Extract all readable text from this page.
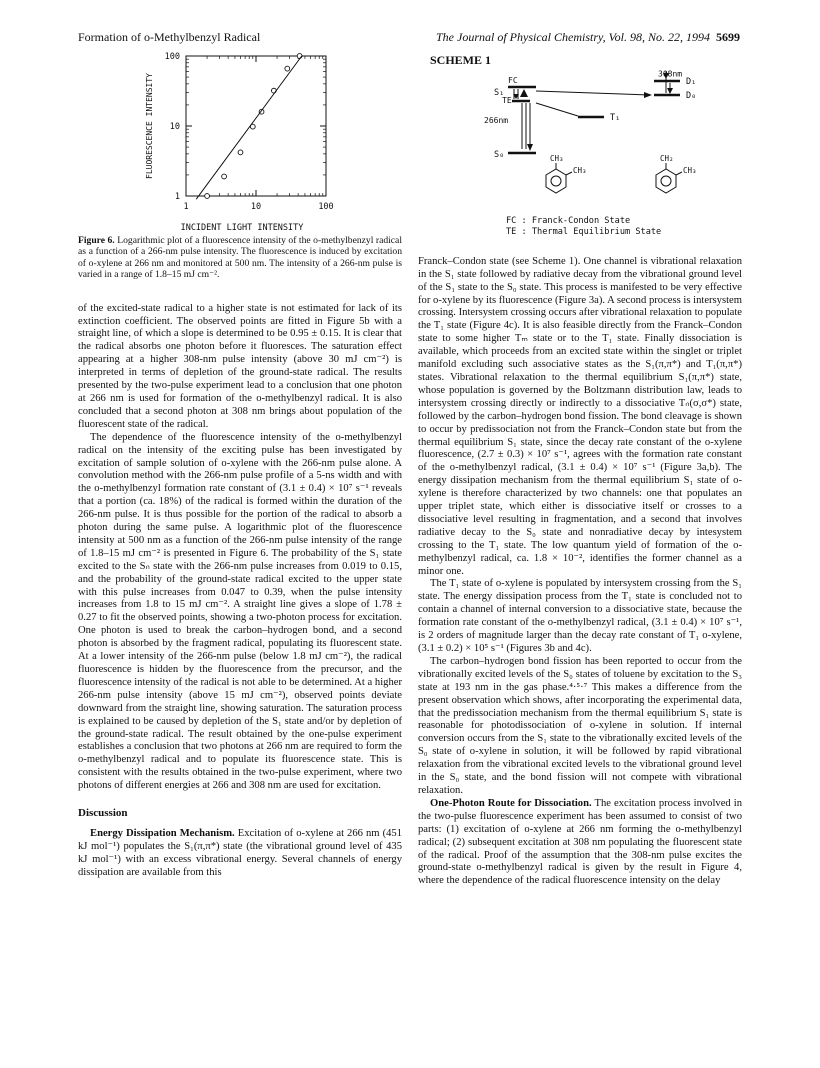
Formation of o-Methylbenzyl Radical	The Journal of Physical Chemistry, Vol. 98, No. 22, 1994 5699
1	10	100
100
10
1
FLUORESCENCE INTENSITY
INCIDENT LIGHT INTENSITY
Figure 6. Logarithmic plot of a fluorescence intensity of the o-methylbenzyl radical as a function of a 266-nm pulse intensity. The fluorescence is induced by excitation of o-xylene at 266 nm and monitored at 500 nm. The intensity of a 266-nm pulse is varied in a range of 1.8–15 mJ cm⁻².

of the excited-state radical to a higher state is not estimated for lack of its extinction coefficient. The observed points are fitted in Figure 5b with a straight line, of which a slope is determined to be 0.95 ± 0.15. It is clear that the radical absorbs one photon before it fluoresces. The saturation effect appearing at a higher 308-nm pulse intensity (above 30 mJ cm⁻²) is interpreted in terms of depletion of the ground-state radical. The results presented by the two-pulse experiment lead to a conclusion that one photon at 266 nm is used for formation of the o-methylbenzyl radical. It is also concluded that a second photon at 308 nm brings about population of the fluorescent state of the radical.

The dependence of the fluorescence intensity of the o-methylbenzyl radical on the intensity of the exciting pulse has been investigated by excitation of sample solution of o-xylene with the 266-nm pulse alone. A convolution method with the 266-nm pulse profile of a 5-ns width and with the o-methylbenzyl formation rate constant of (3.1 ± 0.4) × 10⁷ s⁻¹ reveals that a portion (ca. 18%) of the radical is formed within the duration of the 266-nm pulse. It is thus possible for the portion of the radical to absorb a photon during the same pulse. A logarithmic plot of the fluorescence intensity at 500 nm as a function of the 266-nm pulse intensity of the range of 1.8–15 mJ cm⁻² is presented in Figure 6. The probability of the S₁ state excited to the Sₙ state with the 266-nm pulse increases from 0.019 to 0.15, and the probability of the ground-state radical excited to the upper state with this pulse increases from 0.047 to 0.39, when the pulse intensity increases from 1.8 to 15 mJ cm⁻². A straight line gives a slope of 1.78 ± 0.27 to fit the observed points, showing a two-photon process for excitation. One photon is used to break the carbon–hydrogen bond, and a second photon is absorbed by the fragment radical, populating its fluorescent state. At a lower intensity of the 266-nm pulse (below 1.8 mJ cm⁻²), the radical fluorescence is hidden by the fluorescence from the precursor, and the fluorescence intensity of the radical is not able to be determined. At a higher 266-nm pulse intensity (above 15 mJ cm⁻²), observed points deviate downward from the straight line, showing saturation. The saturation process is explained to be caused by depletion of the S₁ state and/or by depletion of the ground-state radical. The result obtained by the one-pulse experiment establishes a conclusion that two photons at 266 nm are required to form the o-methylbenzyl radical and to populate its fluorescence state. This is consistent with the results obtained in the two-pulse experiment, where two photons of different energies at 266 and 308 nm are used for excitation.

Discussion

Energy Dissipation Mechanism. Excitation of o-xylene at 266 nm (451 kJ mol⁻¹) populates the S₁(π,π*) state (the vibrational ground level of 435 kJ mol⁻¹) with an excess vibrational energy. Several channels of energy dissipation are available from this

SCHEME 1
308nm
266nm
S₁
S₀
FC
TE
T₁
D₁
D₀
CH₃
CH₃
CH₂
CH₃
FC : Franck-Condon State
TE : Thermal Equilibrium State

Franck–Condon state (see Scheme 1). One channel is vibrational relaxation in the S₁ state followed by radiative decay from the vibrational ground level of the S₁ state to the S₀ state. This process is manifested to be very effective for o-xylene by its fluorescence (Figure 3a). A second process is intersystem crossing. Intersystem crossing occurs after vibrational relaxation to populate the T₁ state (Figure 4c). It is also feasible directly from the Franck–Condon state to some higher Tₘ state or to the T₁ state. Finally dissociation is available, which proceeds from an excited state within the singlet or triplet manifold excluding such associative states as the S₁(π,π*) and T₁(π,π*) states. Vibrational relaxation to the thermal equilibrium S₁(π,π*) state, whose population is governed by the Boltzmann distribution law, leads to intersystem crossing directly or indirectly to a dissociative Tₙ(σ,σ*) state, followed by the carbon–hydrogen bond fission. The bond cleavage is shown to occur by predissociation not from the Franck–Condon state but from the thermal equilibrium S₁ state, since the decay rate constant of the o-xylene fluorescence, (2.7 ± 0.3) × 10⁷ s⁻¹, agrees with the formation rate constant of the o-methylbenzyl radical, (3.1 ± 0.4) × 10⁷ s⁻¹ (Figure 3a,b). The energy dissipation mechanism from the thermal equilibrium S₁ state of o-xylene is therefore characterized by two channels: one that populates an upper triplet state, which either is dissociative itself or crosses to a dissociative level resulting in fragmentation, and a second that involves radiative decay to the S₀ state and nonradiative decay by intesystem crossing to the T₁ state. The low quantum yield of formation of the o-methylbenzyl radical, ca. 1.8 × 10⁻², identifies the former channel as a minor one.

The T₁ state of o-xylene is populated by intersystem crossing from the S₁ state. The energy dissipation process from the T₁ state is concluded not to contain a channel of internal conversion to a dissociative state, because the formation rate constant of the o-methylbenzyl radical, (3.1 ± 0.4) × 10⁷ s⁻¹, is 2 orders of magnitude larger than the decay rate constant of T₁ o-xylene, (3.1 ± 0.2) × 10⁵ s⁻¹ (Figures 3b and 4c).

The carbon–hydrogen bond fission has been reported to occur from the vibrationally excited levels of the S₀ states of toluene by excitation to the S₃ state at 193 nm in the gas phase.⁴·⁵·⁷ This makes a difference from the present observation which shows, after incorporating the experimental data, that the predissociation mechanism from the thermal equilibrium S₁ state is reasonable for photodissociation of o-xylene in solution. If internal conversion occurs from the S₁ state to the vibrationally excited levels of the S₀ state of o-xylene in solution, it will be followed by rapid vibrational relaxation from the vibrational excited levels to the vibrational ground level in the S₀ state, and the bond fission will not compete with vibrational relaxation.

One-Photon Route for Dissociation. The excitation process involved in the two-pulse fluorescence experiment has been assumed to consist of two parts: (1) excitation of o-xylene at 266 nm forming the o-methylbenzyl radical; (2) subsequent excitation at 308 nm populating the fluorescent state of the radical. Proof of the assumption that the 308-nm pulse excites the ground-state o-methylbenzyl radical is given by the result in Figure 4, where the dependence of the radical fluorescence intensity on the delay
